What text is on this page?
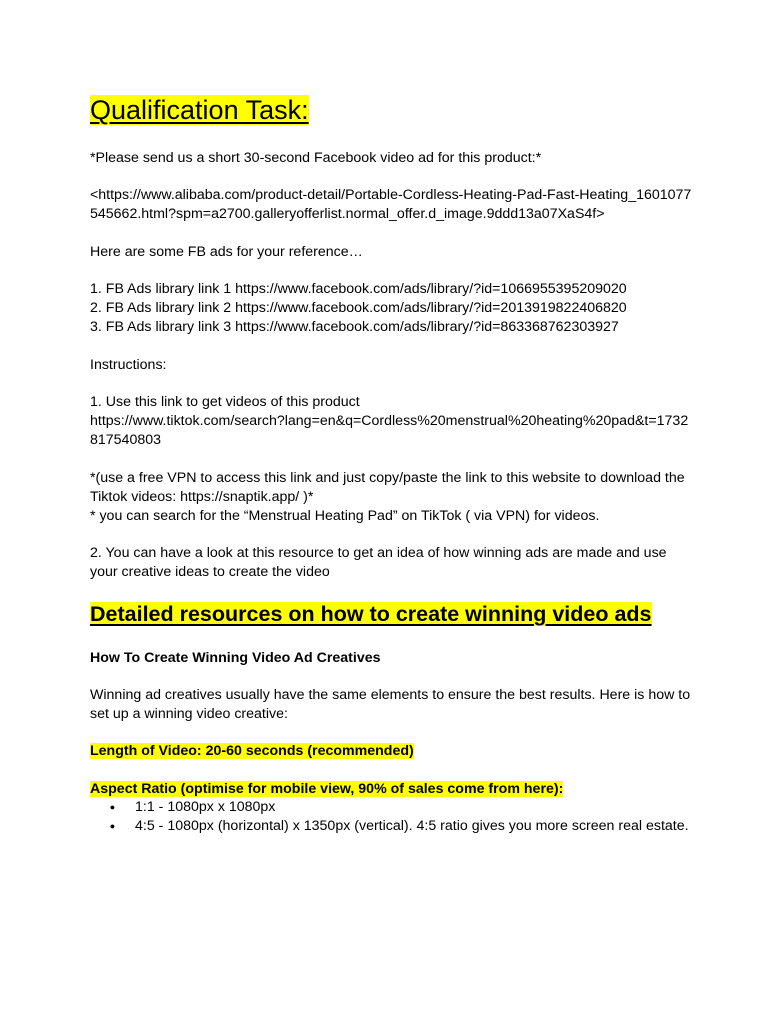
Qualification Task:
*Please send us a short 30-second Facebook video ad for this product:*
<https://www.alibaba.com/product-detail/Portable-Cordless-Heating-Pad-Fast-Heating_1601077
545662.html?spm=a2700.galleryofferlist.normal_offer.d_image.9ddd13a07XaS4f>
Here are some FB ads for your reference…
1. FB Ads library link 1 https://www.facebook.com/ads/library/?id=1066955395209020
2. FB Ads library link 2 https://www.facebook.com/ads/library/?id=2013919822406820
3. FB Ads library link 3 https://www.facebook.com/ads/library/?id=863368762303927
Instructions:
1. Use this link to get videos of this product
https://www.tiktok.com/search?lang=en&q=Cordless%20menstrual%20heating%20pad&t=1732
817540803
*(use a free VPN to access this link and just copy/paste the link to this website to download the
Tiktok videos: https://snaptik.app/ )*
* you can search for the “Menstrual Heating Pad” on TikTok ( via VPN) for videos.
2. You can have a look at this resource to get an idea of how winning ads are made and use
your creative ideas to create the video
Detailed resources on how to create winning video ads
How To Create Winning Video Ad Creatives
Winning ad creatives usually have the same elements to ensure the best results. Here is how to
set up a winning video creative:
Length of Video: 20-60 seconds (recommended)
Aspect Ratio (optimise for mobile view, 90% of sales come from here):
● 1:1 - 1080px x 1080px
● 4:5 - 1080px (horizontal) x 1350px (vertical). 4:5 ratio gives you more screen real estate.
